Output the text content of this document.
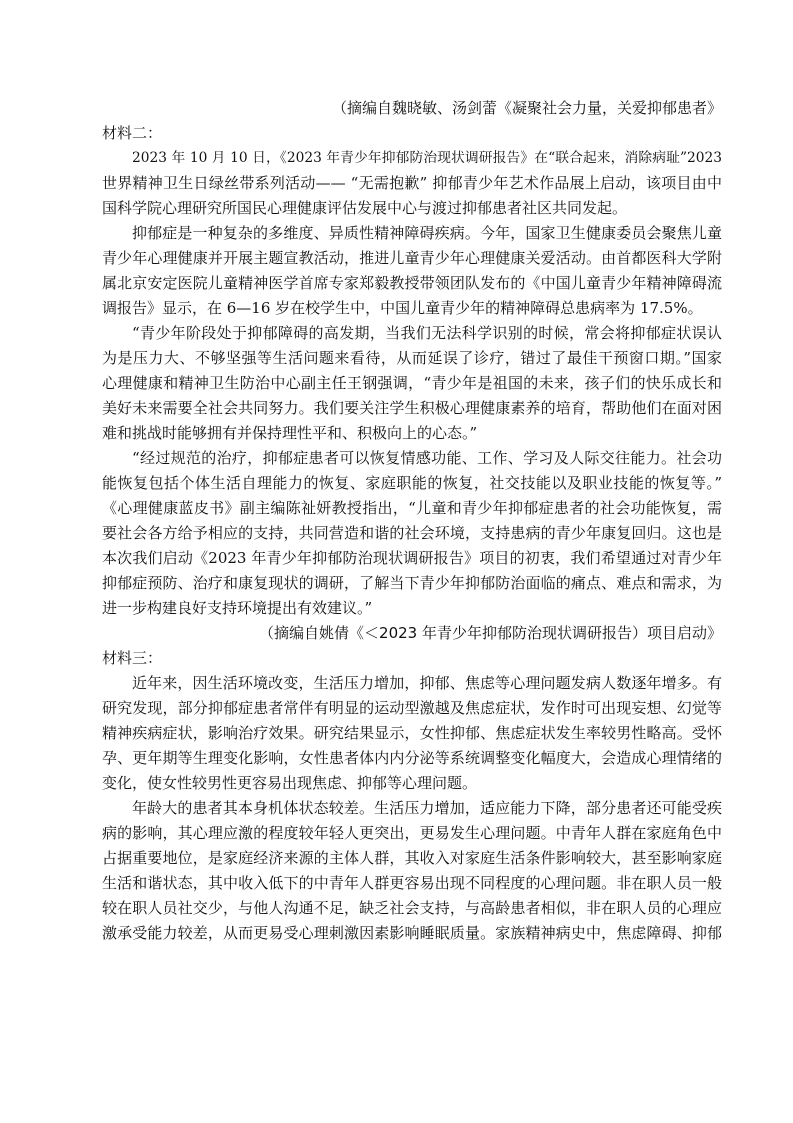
（摘编自魏晓敏、汤剑蕾《凝聚社会力量，关爱抑郁患者》
材料二：
2023 年 10 月 10 日，《2023 年青少年抑郁防治现状调研报告》在“联合起来，消除病耻”2023
世界精神卫生日绿丝带系列活动—— “无需抱歉” 抑郁青少年艺术作品展上启动，该项目由中
国科学院心理研究所国民心理健康评估发展中心与渡过抑郁患者社区共同发起。
抑郁症是一种复杂的多维度、异质性精神障碍疾病。今年，国家卫生健康委员会聚焦儿童
青少年心理健康并开展主题宣教活动，推进儿童青少年心理健康关爱活动。由首都医科大学附
属北京安定医院儿童精神医学首席专家郑毅教授带领团队发布的《中国儿童青少年精神障碍流
调报告》显示，在 6—16 岁在校学生中，中国儿童青少年的精神障碍总患病率为 17.5%。
“青少年阶段处于抑郁障碍的高发期，当我们无法科学识别的时候，常会将抑郁症状误认
为是压力大、不够坚强等生活问题来看待，从而延误了诊疗，错过了最佳干预窗口期。”国家
心理健康和精神卫生防治中心副主任王钢强调，“青少年是祖国的未来，孩子们的快乐成长和
美好未来需要全社会共同努力。我们要关注学生积极心理健康素养的培育，帮助他们在面对困
难和挑战时能够拥有并保持理性平和、积极向上的心态。”
“经过规范的治疗，抑郁症患者可以恢复情感功能、工作、学习及人际交往能力。社会功
能恢复包括个体生活自理能力的恢复、家庭职能的恢复，社交技能以及职业技能的恢复等。”
《心理健康蓝皮书》副主编陈祉妍教授指出，“儿童和青少年抑郁症患者的社会功能恢复，需
要社会各方给予相应的支持，共同营造和谐的社会环境，支持患病的青少年康复回归。这也是
本次我们启动《2023 年青少年抑郁防治现状调研报告》项目的初衷，我们希望通过对青少年
抑郁症预防、治疗和康复现状的调研，了解当下青少年抑郁防治面临的痛点、难点和需求，为
进一步构建良好支持环境提出有效建议。”
（摘编自姚倩《＜2023 年青少年抑郁防治现状调研报告）项目启动》
材料三：
近年来，因生活环境改变，生活压力增加，抑郁、焦虑等心理问题发病人数逐年增多。有
研究发现，部分抑郁症患者常伴有明显的运动型激越及焦虑症状，发作时可出现妄想、幻觉等
精神疾病症状，影响治疗效果。研究结果显示，女性抑郁、焦虑症状发生率较男性略高。受怀
孕、更年期等生理变化影响，女性患者体内内分泌等系统调整变化幅度大，会造成心理情绪的
变化，使女性较男性更容易出现焦虑、抑郁等心理问题。
年龄大的患者其本身机体状态较差。生活压力增加，适应能力下降，部分患者还可能受疾
病的影响，其心理应激的程度较年轻人更突出，更易发生心理问题。中青年人群在家庭角色中
占据重要地位，是家庭经济来源的主体人群，其收入对家庭生活条件影响较大，甚至影响家庭
生活和谐状态，其中收入低下的中青年人群更容易出现不同程度的心理问题。非在职人员一般
较在职人员社交少，与他人沟通不足，缺乏社会支持，与高龄患者相似，非在职人员的心理应
激承受能力较差，从而更易受心理刺激因素影响睡眠质量。家族精神病史中，焦虑障碍、抑郁
